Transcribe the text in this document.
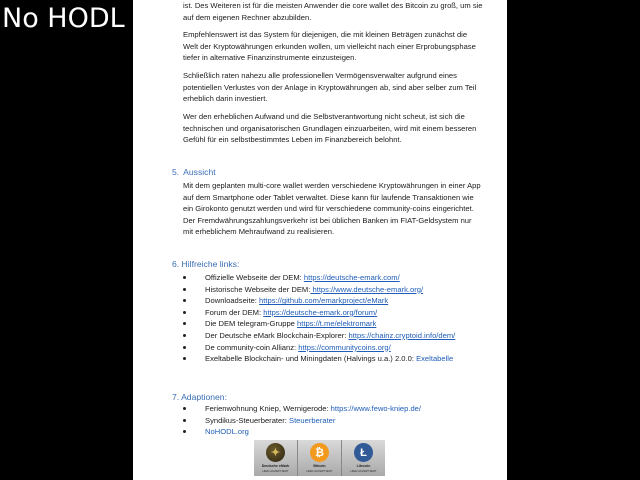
No HODL	ist. Des Weiteren ist für die meisten Anwender die core wallet des Bitcoin zu groß, um sie auf dem eigenen Rechner abzubilden.

Empfehlenswert ist das System für diejenigen, die mit kleinen Beträgen zunächst die Welt der Kryptowährungen erkunden wollen, um vielleicht nach einer Erprobungsphase tiefer in alternative Finanzinstrumente einzusteigen.

Schließlich raten nahezu alle professionellen Vermögensverwalter aufgrund eines potentiellen Verlustes von der Anlage in Kryptowährungen ab, sind aber selber zum Teil erheblich darin investiert.

Wer den erheblichen Aufwand und die Selbstverantwortung nicht scheut, ist sich die technischen und organisatorischen Grundlagen einzuarbeiten, wird mit einem besseren Gefühl für ein selbstbestimmtes Leben im Finanzbereich belohnt.

5. Aussicht

Mit dem geplanten multi-core wallet werden verschiedene Kryptowährungen in einer App auf dem Smartphone oder Tablet verwaltet. Diese kann für laufende Transaktionen wie ein Girokonto genutzt werden und wird für verschiedene community-coins eingerichtet. Der Fremdwährungszahlungsverkehr ist bei üblichen Banken im FIAT-Geldsystem nur mit erheblichem Mehraufwand zu realisieren.

6. Hilfreiche links:

Offizielle Webseite der DEM: https://deutsche-emark.com/
Historische Webseite der DEM: https://www.deutsche-emark.org/
Downloadseite: https://github.com/emarkproject/eMark
Forum der DEM: https://deutsche-emark.org/forum/
Die DEM telegram-Gruppe https://t.me/elektromark
Der Deutsche eMark Blockchain-Explorer: https://chainz.cryptoid.info/dem/
De community-coin Allianz: https://communitycoins.org/
Exeltabelle Blockchain- und Miningdaten (Halvings u.a.) 2.0.0: Exeltabelle

7. Adaptionen:

Ferienwohnung Kniep, Wernigerode: https://www.fewo-kniep.de/
Syndikus-Steuerberater: Steuerberater
NoHODL.org
✦
Deutsche eMark
HIER AKZEPTIERT
₿
Bitcoin
HIER AKZEPTIERT
Ł
Litecoin
HIER AKZEPTIERT
